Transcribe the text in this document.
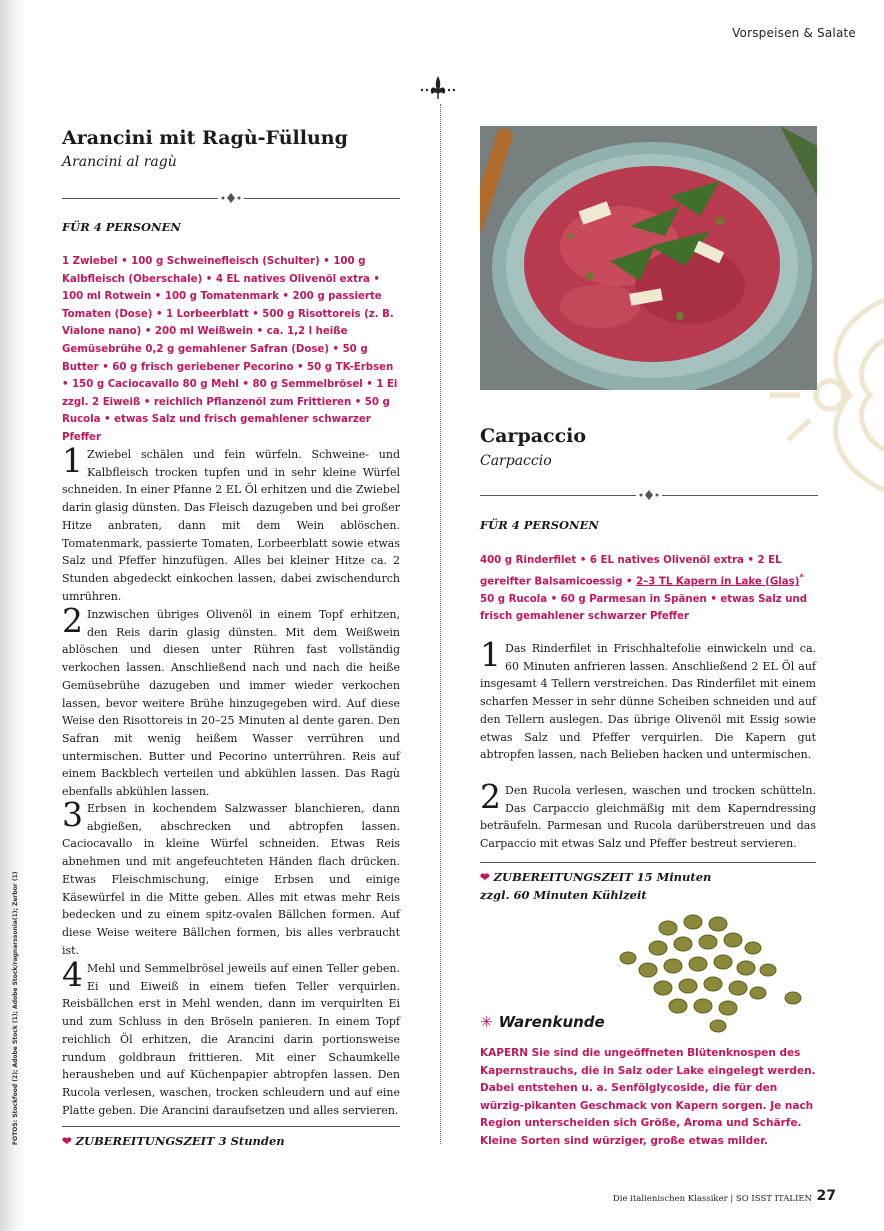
Vorspeisen & Salate
FOTOS: Stockfood (2); Adobe Stock (1); Adobe Stock/ragnarssonia(1); Zerbor (1)
Arancini mit Ragù-Füllung
Arancini al ragù
FÜR 4 PERSONEN
1 Zwiebel • 100 g Schweinefleisch (Schulter) • 100 g Kalbfleisch (Oberschale) • 4 EL natives Olivenöl extra • 100 ml Rotwein • 100 g Tomatenmark • 200 g passierte Tomaten (Dose) • 1 Lorbeerblatt • 500 g Risottoreis (z. B. Vialone nano) • 200 ml Weißwein • ca. 1,2 l heiße Gemüsebrühe 0,2 g gemahlener Safran (Dose) • 50 g Butter • 60 g frisch geriebener Pecorino • 50 g TK-Erbsen • 150 g Caciocavallo 80 g Mehl • 80 g Semmelbrösel • 1 Ei zzgl. 2 Eiweiß • reichlich Pflanzenöl zum Frittieren • 50 g Rucola • etwas Salz und frisch gemahlener schwarzer Pfeffer
1 Zwiebel schälen und fein würfeln. Schweine- und Kalbfleisch trocken tupfen und in sehr kleine Würfel schneiden. In einer Pfanne 2 EL Öl erhitzen und die Zwiebel darin glasig dünsten. Das Fleisch dazugeben und bei großer Hitze anbraten, dann mit dem Wein ablöschen. Tomatenmark, passierte Tomaten, Lorbeerblatt sowie etwas Salz und Pfeffer hinzufügen. Alles bei kleiner Hitze ca. 2 Stunden abgedeckt einkochen lassen, dabei zwischendurch umrühren.
2 Inzwischen übriges Olivenöl in einem Topf erhitzen, den Reis darin glasig dünsten. Mit dem Weißwein ablöschen und diesen unter Rühren fast vollständig verkochen lassen. Anschließend nach und nach die heiße Gemüsebrühe dazugeben und immer wieder verkochen lassen, bevor weitere Brühe hinzugegeben wird. Auf diese Weise den Risottoreis in 20–25 Minuten al dente garen. Den Safran mit wenig heißem Wasser verrühren und untermischen. Butter und Pecorino unterrühren. Reis auf einem Backblech verteilen und abkühlen lassen. Das Ragù ebenfalls abkühlen lassen.
3 Erbsen in kochendem Salzwasser blanchieren, dann abgießen, abschrecken und abtropfen lassen. Caciocavallo in kleine Würfel schneiden. Etwas Reis abnehmen und mit angefeuchteten Händen flach drücken. Etwas Fleischmischung, einige Erbsen und einige Käsewürfel in die Mitte geben. Alles mit etwas mehr Reis bedecken und zu einem spitz-ovalen Bällchen formen. Auf diese Weise weitere Bällchen formen, bis alles verbraucht ist.
4 Mehl und Semmelbrösel jeweils auf einen Teller geben. Ei und Eiweiß in einem tiefen Teller verquirlen. Reisbällchen erst in Mehl wenden, dann im verquirlten Ei und zum Schluss in den Bröseln panieren. In einem Topf reichlich Öl erhitzen, die Arancini darin portionsweise rundum goldbraun frittieren. Mit einer Schaumkelle herausheben und auf Küchenpapier abtropfen lassen. Den Rucola verlesen, waschen, trocken schleudern und auf eine Platte geben. Die Arancini daraufsetzen und alles servieren.
❤ ZUBEREITUNGSZEIT 3 Stunden
Carpaccio
Carpaccio
FÜR 4 PERSONEN
400 g Rinderfilet • 6 EL natives Olivenöl extra • 2 EL gereifter Balsamicoessig • 2–3 TL Kapern in Lake (Glas)* 50 g Rucola • 60 g Parmesan in Spänen • etwas Salz und frisch gemahlener schwarzer Pfeffer
1 Das Rinderfilet in Frischhaltefolie einwickeln und ca. 60 Minuten anfrieren lassen. Anschließend 2 EL Öl auf insgesamt 4 Tellern verstreichen. Das Rinderfilet mit einem scharfen Messer in sehr dünne Scheiben schneiden und auf den Tellern auslegen. Das übrige Olivenöl mit Essig sowie etwas Salz und Pfeffer verquirlen. Die Kapern gut abtropfen lassen, nach Belieben hacken und untermischen.
2 Den Rucola verlesen, waschen und trocken schütteln. Das Carpaccio gleichmäßig mit dem Kaperndressing beträufeln. Parmesan und Rucola darüberstreuen und das Carpaccio mit etwas Salz und Pfeffer bestreut servieren.
❤ ZUBEREITUNGSZEIT 15 Minuten
zzgl. 60 Minuten Kühlzeit
✳ Warenkunde
KAPERN Sie sind die ungeöffneten Blütenknospen des Kapernstrauchs, die in Salz oder Lake eingelegt werden. Dabei entstehen u. a. Senfölglycoside, die für den würzig-pikanten Geschmack von Kapern sorgen. Je nach Region unterscheiden sich Größe, Aroma und Schärfe. Kleine Sorten sind würziger, große etwas milder.
Die italienischen Klassiker | SO ISST ITALIEN 27
